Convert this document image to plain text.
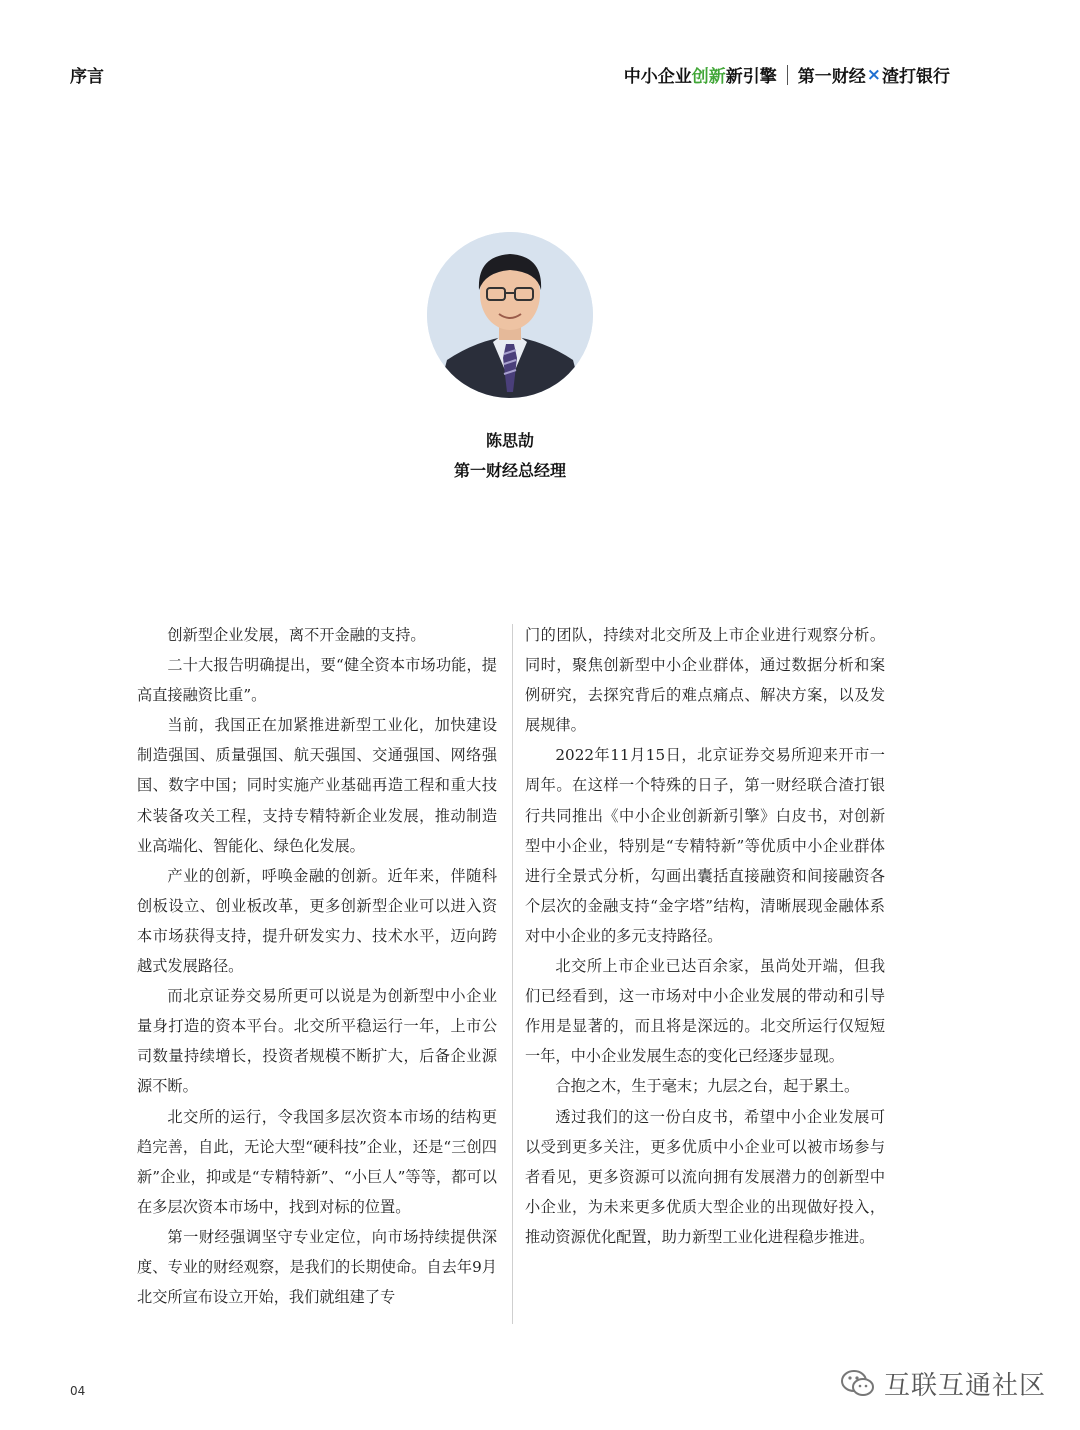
序言	中小企业 创新 新引擎 第一财经 × 渣打银行
陈思劼
第一财经总经理

创新型企业发展，离不开金融的支持。

二十大报告明确提出，要“健全资本市场功能，提高直接融资比重”。

当前，我国正在加紧推进新型工业化，加快建设制造强国、质量强国、航天强国、交通强国、网络强国、数字中国；同时实施产业基础再造工程和重大技术装备攻关工程，支持专精特新企业发展，推动制造业高端化、智能化、绿色化发展。

产业的创新，呼唤金融的创新。近年来，伴随科创板设立、创业板改革，更多创新型企业可以进入资本市场获得支持，提升研发实力、技术水平，迈向跨越式发展路径。

而北京证券交易所更可以说是为创新型中小企业量身打造的资本平台。北交所平稳运行一年，上市公司数量持续增长，投资者规模不断扩大，后备企业源源不断。

北交所的运行，令我国多层次资本市场的结构更趋完善，自此，无论大型“硬科技”企业，还是“三创四新”企业，抑或是“专精特新”、“小巨人”等等，都可以在多层次资本市场中，找到对标的位置。

第一财经强调坚守专业定位，向市场持续提供深度、专业的财经观察，是我们的长期使命。自去年9月北交所宣布设立开始，我们就组建了专

门的团队，持续对北交所及上市企业进行观察分析。同时，聚焦创新型中小企业群体，通过数据分析和案例研究，去探究背后的难点痛点、解决方案，以及发展规律。

2022年11月15日，北京证券交易所迎来开市一周年。在这样一个特殊的日子，第一财经联合渣打银行共同推出《中小企业创新新引擎》白皮书，对创新型中小企业，特别是“专精特新”等优质中小企业群体进行全景式分析，勾画出囊括直接融资和间接融资各个层次的金融支持“金字塔”结构，清晰展现金融体系对中小企业的多元支持路径。

北交所上市企业已达百余家，虽尚处开端，但我们已经看到，这一市场对中小企业发展的带动和引导作用是显著的，而且将是深远的。北交所运行仅短短一年，中小企业发展生态的变化已经逐步显现。

合抱之木，生于毫末；九层之台，起于累土。

透过我们的这一份白皮书，希望中小企业发展可以受到更多关注，更多优质中小企业可以被市场参与者看见，更多资源可以流向拥有发展潜力的创新型中小企业，为未来更多优质大型企业的出现做好投入，推动资源优化配置，助力新型工业化进程稳步推进。

04	互联互通社区
